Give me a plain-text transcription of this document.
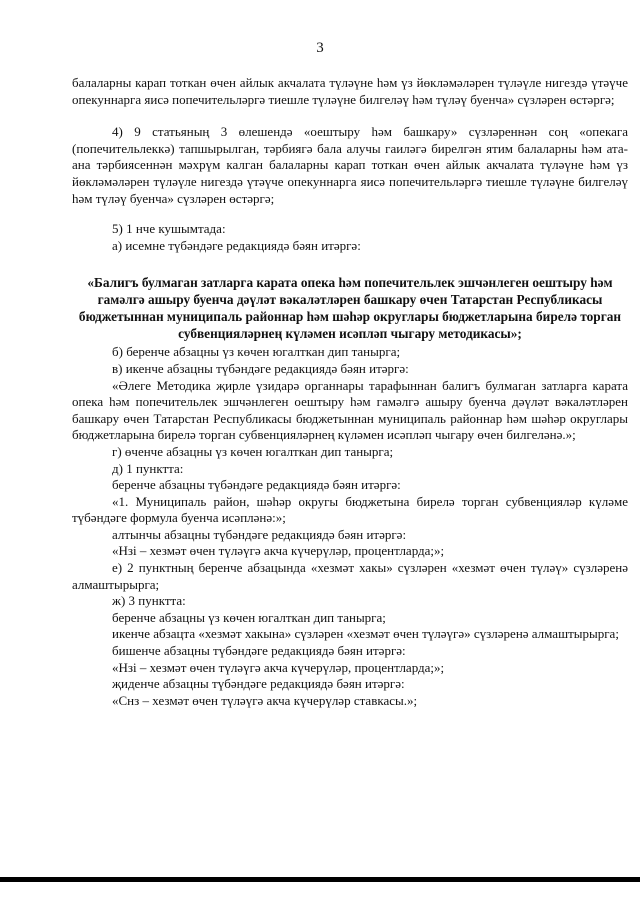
3

балаларны карап тоткан өчен айлык акчалата түләүне һәм үз йөкләмәләрен түләүле нигездә үтәүче опекуннарга яисә попечительләргә тиешле түләүне билгеләү һәм түләү буенча» сүзләрен өстәргә;

4) 9 статьяның 3 өлешендә «оештыру һәм башкару» сүзләреннән соң «опекага (попечительлеккә) тапшырылган, тәрбиягә бала алучы гаиләгә бирелгән ятим балаларны һәм ата-ана тәрбиясеннән мәхрүм калган балаларны карап тоткан өчен айлык акчалата түләүне һәм үз йөкләмәләрен түләүле нигездә үтәүче опекуннарга яисә попечительләргә тиешле түләүне билгеләү һәм түләү буенча» сүзләрен өстәргә;

5) 1 нче кушымтада:

а) исемне түбәндәге редакциядә бәян итәргә:

«Балигъ булмаган затларга карата опека һәм попечительлек эшчәнлеген оештыру һәм гамәлгә ашыру буенча дәүләт вәкаләтләрен башкару өчен Татарстан Республикасы бюджетыннан муниципаль районнар һәм шәһәр округлары бюджетларына бирелә торган субвенцияләрнең күләмен исәпләп чыгару методикасы»;

б) беренче абзацны үз көчен югалткан дип танырга;

в) икенче абзацны түбәндәге редакциядә бәян итәргә:

«Әлеге Методика җирле үзидарә органнары тарафыннан балигъ булмаган затларга карата опека һәм попечительлек эшчәнлеген оештыру һәм гамәлгә ашыру буенча дәүләт вәкаләтләрен башкару өчен Татарстан Республикасы бюджетыннан муниципаль районнар һәм шәһәр округлары бюджетларына бирелә торган субвенцияләрнең күләмен исәпләп чыгару өчен билгеләнә.»;

г) өченче абзацны үз көчен югалткан дип танырга;

д) 1 пунктта:

беренче абзацны түбәндәге редакциядә бәян итәргә:

«1. Муниципаль район, шәһәр округы бюджетына бирелә торган субвенцияләр күләме түбәндәге формула буенча исәпләнә:»;

алтынчы абзацны түбәндәге редакциядә бәян итәргә:

«Нзі – хезмәт өчен түләүгә акча күчерүләр, процентларда;»;

е) 2 пунктның беренче абзацында «хезмәт хакы» сүзләрен «хезмәт өчен түләү» сүзләренә алмаштырырга;

ж) 3 пунктта:

беренче абзацны үз көчен югалткан дип танырга;

икенче абзацта «хезмәт хакына» сүзләрен «хезмәт өчен түләүгә» сүзләренә алмаштырырга;

бишенче абзацны түбәндәге редакциядә бәян итәргә:

«Нзі – хезмәт өчен түләүгә акча күчерүләр, процентларда;»;

җиденче абзацны түбәндәге редакциядә бәян итәргә:

«Снз – хезмәт өчен түләүгә акча күчерүләр ставкасы.»;
